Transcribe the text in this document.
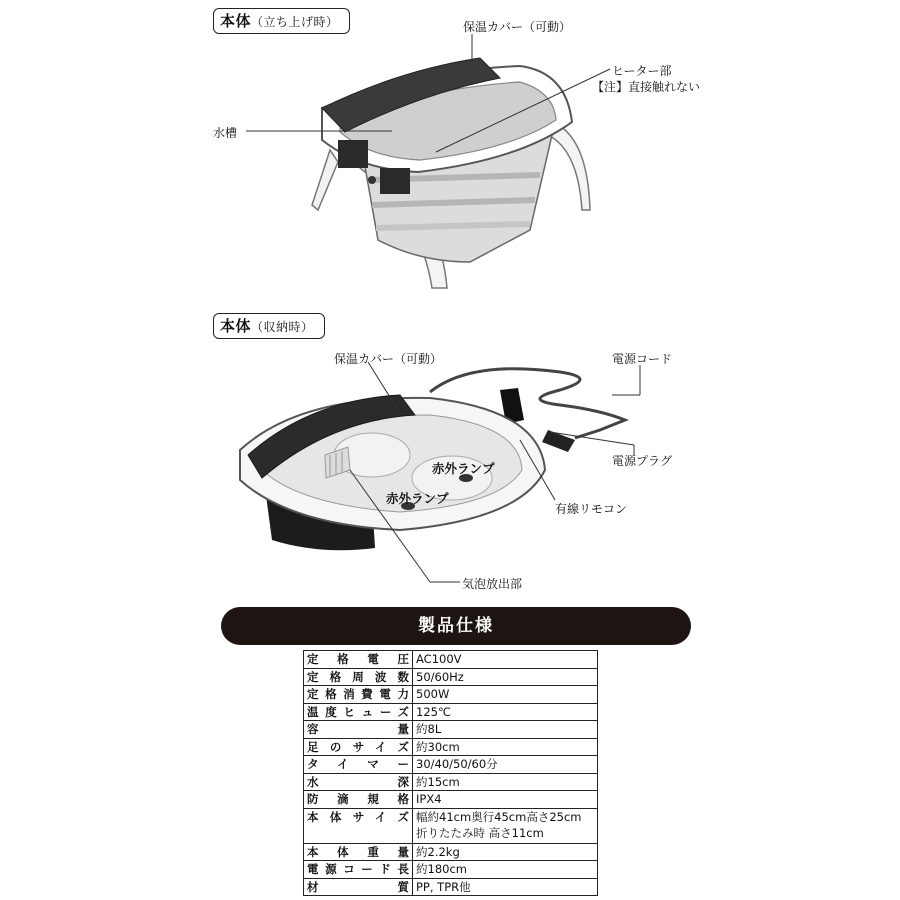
本体（立ち上げ時）	保温カバー（可動）
ヒーター部
【注】直接触れない
水槽
本体（収納時）
保温カバー（可動）	電源コード
電源プラグ
有線リモコン
気泡放出部
赤外ランプ
赤外ランプ
製品仕様
定格電圧	AC100V
定格周波数	50/60Hz
定格消費電力	500W
温度ヒューズ	125℃
容量	約8L
足のサイズ	約30cm
タイマー	30/40/50/60分
水深	約15cm
防滴規格	IPX4
本体サイズ	幅約41cm奥行45cm高さ25cm
折りたたみ時 高さ11cm

本体重量	約2.2kg
電源コード長	約180cm
材質	PP, TPR他
